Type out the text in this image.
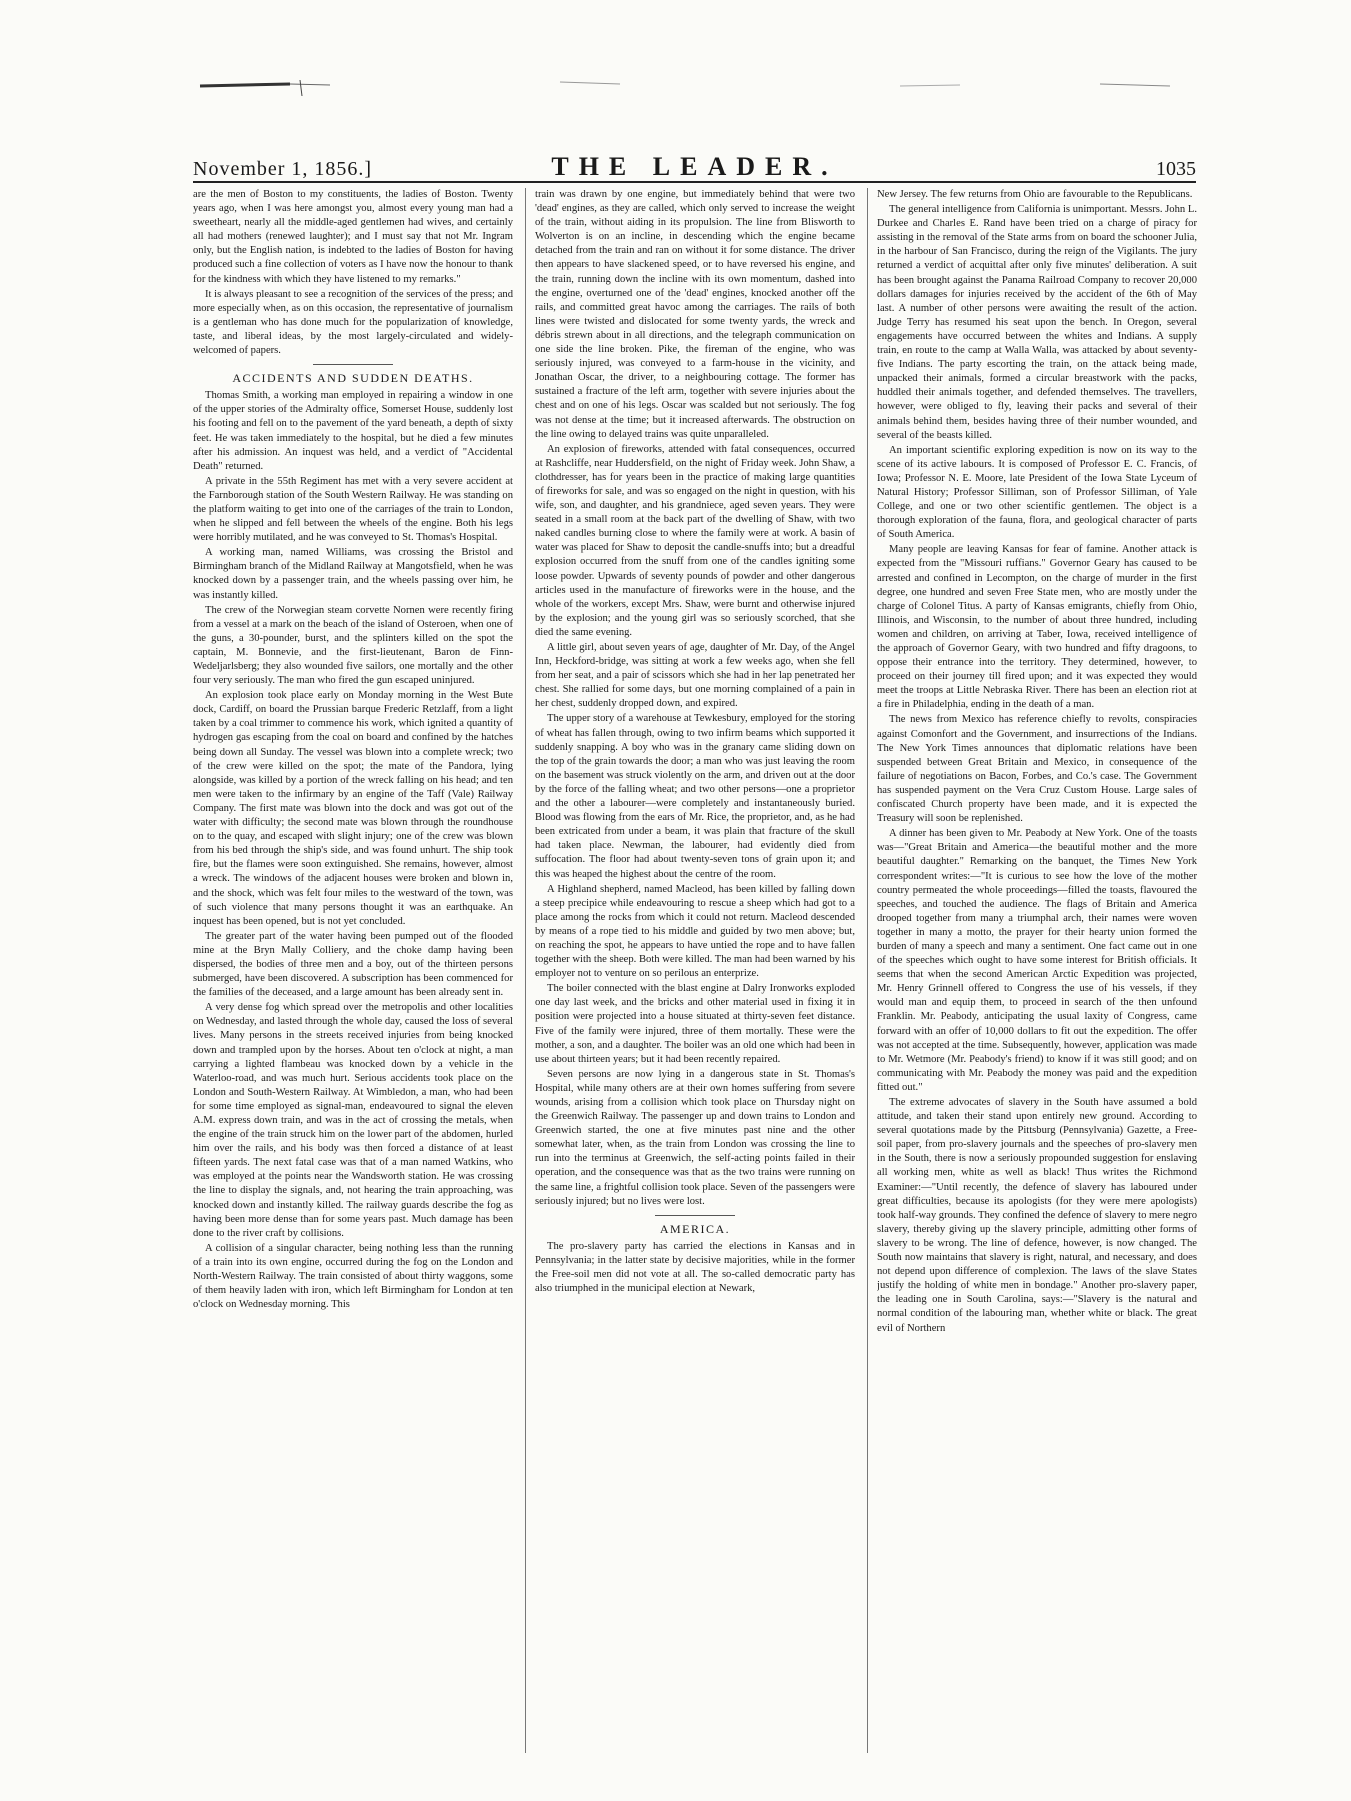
November 1, 1856.]	THE LEADER.	1035

are the men of Boston to my constituents, the ladies of Boston. Twenty years ago, when I was here amongst you, almost every young man had a sweetheart, nearly all the middle-aged gentlemen had wives, and certainly all had mothers (renewed laughter); and I must say that not Mr. Ingram only, but the English nation, is indebted to the ladies of Boston for having produced such a fine collection of voters as I have now the honour to thank for the kindness with which they have listened to my remarks."

It is always pleasant to see a recognition of the services of the press; and more especially when, as on this occasion, the representative of journalism is a gentleman who has done much for the popularization of knowledge, taste, and liberal ideas, by the most largely-circulated and widely-welcomed of papers.

ACCIDENTS AND SUDDEN DEATHS.

Thomas Smith, a working man employed in repairing a window in one of the upper stories of the Admiralty office, Somerset House, suddenly lost his footing and fell on to the pavement of the yard beneath, a depth of sixty feet. He was taken immediately to the hospital, but he died a few minutes after his admission. An inquest was held, and a verdict of "Accidental Death" returned.

A private in the 55th Regiment has met with a very severe accident at the Farnborough station of the South Western Railway. He was standing on the platform waiting to get into one of the carriages of the train to London, when he slipped and fell between the wheels of the engine. Both his legs were horribly mutilated, and he was conveyed to St. Thomas's Hospital.

A working man, named Williams, was crossing the Bristol and Birmingham branch of the Midland Railway at Mangotsfield, when he was knocked down by a passenger train, and the wheels passing over him, he was instantly killed.

The crew of the Norwegian steam corvette Nornen were recently firing from a vessel at a mark on the beach of the island of Osteroen, when one of the guns, a 30-pounder, burst, and the splinters killed on the spot the captain, M. Bonnevie, and the first-lieutenant, Baron de Finn-Wedeljarlsberg; they also wounded five sailors, one mortally and the other four very seriously. The man who fired the gun escaped uninjured.

An explosion took place early on Monday morning in the West Bute dock, Cardiff, on board the Prussian barque Frederic Retzlaff, from a light taken by a coal trimmer to commence his work, which ignited a quantity of hydrogen gas escaping from the coal on board and confined by the hatches being down all Sunday. The vessel was blown into a complete wreck; two of the crew were killed on the spot; the mate of the Pandora, lying alongside, was killed by a portion of the wreck falling on his head; and ten men were taken to the infirmary by an engine of the Taff (Vale) Railway Company. The first mate was blown into the dock and was got out of the water with difficulty; the second mate was blown through the roundhouse on to the quay, and escaped with slight injury; one of the crew was blown from his bed through the ship's side, and was found unhurt. The ship took fire, but the flames were soon extinguished. She remains, however, almost a wreck. The windows of the adjacent houses were broken and blown in, and the shock, which was felt four miles to the westward of the town, was of such violence that many persons thought it was an earthquake. An inquest has been opened, but is not yet concluded.

The greater part of the water having been pumped out of the flooded mine at the Bryn Mally Colliery, and the choke damp having been dispersed, the bodies of three men and a boy, out of the thirteen persons submerged, have been discovered. A subscription has been commenced for the families of the deceased, and a large amount has been already sent in.

A very dense fog which spread over the metropolis and other localities on Wednesday, and lasted through the whole day, caused the loss of several lives. Many persons in the streets received injuries from being knocked down and trampled upon by the horses. About ten o'clock at night, a man carrying a lighted flambeau was knocked down by a vehicle in the Waterloo-road, and was much hurt. Serious accidents took place on the London and South-Western Railway. At Wimbledon, a man, who had been for some time employed as signal-man, endeavoured to signal the eleven A.M. express down train, and was in the act of crossing the metals, when the engine of the train struck him on the lower part of the abdomen, hurled him over the rails, and his body was then forced a distance of at least fifteen yards. The next fatal case was that of a man named Watkins, who was employed at the points near the Wandsworth station. He was crossing the line to display the signals, and, not hearing the train approaching, was knocked down and instantly killed. The railway guards describe the fog as having been more dense than for some years past. Much damage has been done to the river craft by collisions.

A collision of a singular character, being nothing less than the running of a train into its own engine, occurred during the fog on the London and North-Western Railway. The train consisted of about thirty waggons, some of them heavily laden with iron, which left Birmingham for London at ten o'clock on Wednesday morning. This

train was drawn by one engine, but immediately behind that were two 'dead' engines, as they are called, which only served to increase the weight of the train, without aiding in its propulsion. The line from Blisworth to Wolverton is on an incline, in descending which the engine became detached from the train and ran on without it for some distance. The driver then appears to have slackened speed, or to have reversed his engine, and the train, running down the incline with its own momentum, dashed into the engine, overturned one of the 'dead' engines, knocked another off the rails, and committed great havoc among the carriages. The rails of both lines were twisted and dislocated for some twenty yards, the wreck and débris strewn about in all directions, and the telegraph communication on one side the line broken. Pike, the fireman of the engine, who was seriously injured, was conveyed to a farm-house in the vicinity, and Jonathan Oscar, the driver, to a neighbouring cottage. The former has sustained a fracture of the left arm, together with severe injuries about the chest and on one of his legs. Oscar was scalded but not seriously. The fog was not dense at the time; but it increased afterwards. The obstruction on the line owing to delayed trains was quite unparalleled.

An explosion of fireworks, attended with fatal consequences, occurred at Rashcliffe, near Huddersfield, on the night of Friday week. John Shaw, a clothdresser, has for years been in the practice of making large quantities of fireworks for sale, and was so engaged on the night in question, with his wife, son, and daughter, and his grandniece, aged seven years. They were seated in a small room at the back part of the dwelling of Shaw, with two naked candles burning close to where the family were at work. A basin of water was placed for Shaw to deposit the candle-snuffs into; but a dreadful explosion occurred from the snuff from one of the candles igniting some loose powder. Upwards of seventy pounds of powder and other dangerous articles used in the manufacture of fireworks were in the house, and the whole of the workers, except Mrs. Shaw, were burnt and otherwise injured by the explosion; and the young girl was so seriously scorched, that she died the same evening.

A little girl, about seven years of age, daughter of Mr. Day, of the Angel Inn, Heckford-bridge, was sitting at work a few weeks ago, when she fell from her seat, and a pair of scissors which she had in her lap penetrated her chest. She rallied for some days, but one morning complained of a pain in her chest, suddenly dropped down, and expired.

The upper story of a warehouse at Tewkesbury, employed for the storing of wheat has fallen through, owing to two infirm beams which supported it suddenly snapping. A boy who was in the granary came sliding down on the top of the grain towards the door; a man who was just leaving the room on the basement was struck violently on the arm, and driven out at the door by the force of the falling wheat; and two other persons—one a proprietor and the other a labourer—were completely and instantaneously buried. Blood was flowing from the ears of Mr. Rice, the proprietor, and, as he had been extricated from under a beam, it was plain that fracture of the skull had taken place. Newman, the labourer, had evidently died from suffocation. The floor had about twenty-seven tons of grain upon it; and this was heaped the highest about the centre of the room.

A Highland shepherd, named Macleod, has been killed by falling down a steep precipice while endeavouring to rescue a sheep which had got to a place among the rocks from which it could not return. Macleod descended by means of a rope tied to his middle and guided by two men above; but, on reaching the spot, he appears to have untied the rope and to have fallen together with the sheep. Both were killed. The man had been warned by his employer not to venture on so perilous an enterprize.

The boiler connected with the blast engine at Dalry Ironworks exploded one day last week, and the bricks and other material used in fixing it in position were projected into a house situated at thirty-seven feet distance. Five of the family were injured, three of them mortally. These were the mother, a son, and a daughter. The boiler was an old one which had been in use about thirteen years; but it had been recently repaired.

Seven persons are now lying in a dangerous state in St. Thomas's Hospital, while many others are at their own homes suffering from severe wounds, arising from a collision which took place on Thursday night on the Greenwich Railway. The passenger up and down trains to London and Greenwich started, the one at five minutes past nine and the other somewhat later, when, as the train from London was crossing the line to run into the terminus at Greenwich, the self-acting points failed in their operation, and the consequence was that as the two trains were running on the same line, a frightful collision took place. Seven of the passengers were seriously injured; but no lives were lost.

AMERICA.

The pro-slavery party has carried the elections in Kansas and in Pennsylvania; in the latter state by decisive majorities, while in the former the Free-soil men did not vote at all. The so-called democratic party has also triumphed in the municipal election at Newark,

New Jersey. The few returns from Ohio are favourable to the Republicans.

The general intelligence from California is unimportant. Messrs. John L. Durkee and Charles E. Rand have been tried on a charge of piracy for assisting in the removal of the State arms from on board the schooner Julia, in the harbour of San Francisco, during the reign of the Vigilants. The jury returned a verdict of acquittal after only five minutes' deliberation. A suit has been brought against the Panama Railroad Company to recover 20,000 dollars damages for injuries received by the accident of the 6th of May last. A number of other persons were awaiting the result of the action. Judge Terry has resumed his seat upon the bench. In Oregon, several engagements have occurred between the whites and Indians. A supply train, en route to the camp at Walla Walla, was attacked by about seventy-five Indians. The party escorting the train, on the attack being made, unpacked their animals, formed a circular breastwork with the packs, huddled their animals together, and defended themselves. The travellers, however, were obliged to fly, leaving their packs and several of their animals behind them, besides having three of their number wounded, and several of the beasts killed.

An important scientific exploring expedition is now on its way to the scene of its active labours. It is composed of Professor E. C. Francis, of Iowa; Professor N. E. Moore, late President of the Iowa State Lyceum of Natural History; Professor Silliman, son of Professor Silliman, of Yale College, and one or two other scientific gentlemen. The object is a thorough exploration of the fauna, flora, and geological character of parts of South America.

Many people are leaving Kansas for fear of famine. Another attack is expected from the "Missouri ruffians." Governor Geary has caused to be arrested and confined in Lecompton, on the charge of murder in the first degree, one hundred and seven Free State men, who are mostly under the charge of Colonel Titus. A party of Kansas emigrants, chiefly from Ohio, Illinois, and Wisconsin, to the number of about three hundred, including women and children, on arriving at Taber, Iowa, received intelligence of the approach of Governor Geary, with two hundred and fifty dragoons, to oppose their entrance into the territory. They determined, however, to proceed on their journey till fired upon; and it was expected they would meet the troops at Little Nebraska River. There has been an election riot at a fire in Philadelphia, ending in the death of a man.

The news from Mexico has reference chiefly to revolts, conspiracies against Comonfort and the Government, and insurrections of the Indians. The New York Times announces that diplomatic relations have been suspended between Great Britain and Mexico, in consequence of the failure of negotiations on Bacon, Forbes, and Co.'s case. The Government has suspended payment on the Vera Cruz Custom House. Large sales of confiscated Church property have been made, and it is expected the Treasury will soon be replenished.

A dinner has been given to Mr. Peabody at New York. One of the toasts was—"Great Britain and America—the beautiful mother and the more beautiful daughter." Remarking on the banquet, the Times New York correspondent writes:—"It is curious to see how the love of the mother country permeated the whole proceedings—filled the toasts, flavoured the speeches, and touched the audience. The flags of Britain and America drooped together from many a triumphal arch, their names were woven together in many a motto, the prayer for their hearty union formed the burden of many a speech and many a sentiment. One fact came out in one of the speeches which ought to have some interest for British officials. It seems that when the second American Arctic Expedition was projected, Mr. Henry Grinnell offered to Congress the use of his vessels, if they would man and equip them, to proceed in search of the then unfound Franklin. Mr. Peabody, anticipating the usual laxity of Congress, came forward with an offer of 10,000 dollars to fit out the expedition. The offer was not accepted at the time. Subsequently, however, application was made to Mr. Wetmore (Mr. Peabody's friend) to know if it was still good; and on communicating with Mr. Peabody the money was paid and the expedition fitted out."

The extreme advocates of slavery in the South have assumed a bold attitude, and taken their stand upon entirely new ground. According to several quotations made by the Pittsburg (Pennsylvania) Gazette, a Free-soil paper, from pro-slavery journals and the speeches of pro-slavery men in the South, there is now a seriously propounded suggestion for enslaving all working men, white as well as black! Thus writes the Richmond Examiner:—"Until recently, the defence of slavery has laboured under great difficulties, because its apologists (for they were mere apologists) took half-way grounds. They confined the defence of slavery to mere negro slavery, thereby giving up the slavery principle, admitting other forms of slavery to be wrong. The line of defence, however, is now changed. The South now maintains that slavery is right, natural, and necessary, and does not depend upon difference of complexion. The laws of the slave States justify the holding of white men in bondage." Another pro-slavery paper, the leading one in South Carolina, says:—"Slavery is the natural and normal condition of the labouring man, whether white or black. The great evil of Northern
